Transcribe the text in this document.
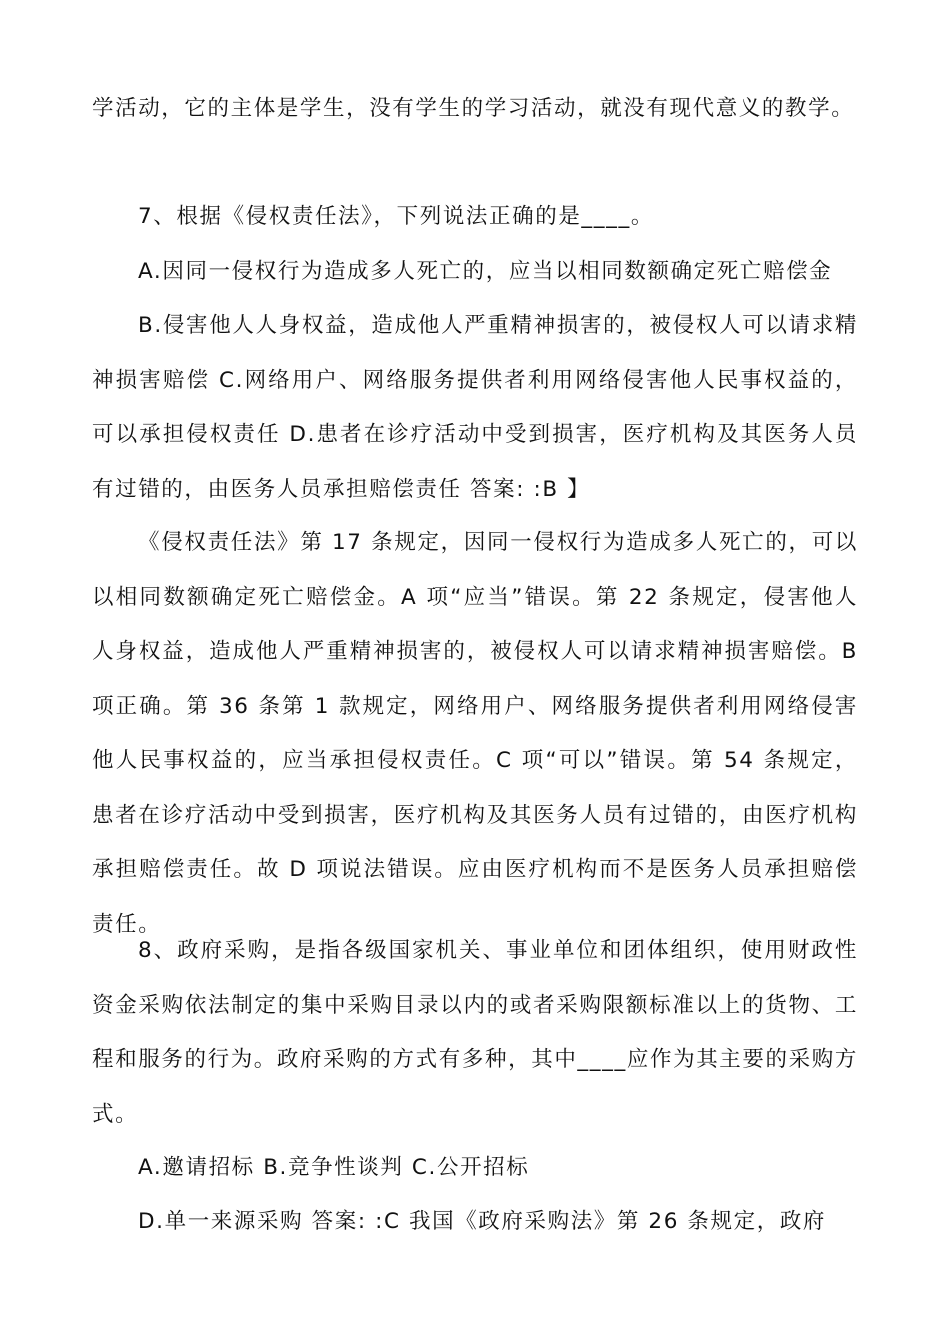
学活动，它的主体是学生，没有学生的学习活动，就没有现代意义的教学。

7、根据《侵权责任法》，下列说法正确的是____。

A.因同一侵权行为造成多人死亡的，应当以相同数额确定死亡赔偿金

B.侵害他人人身权益，造成他人严重精神损害的，被侵权人可以请求精神损害赔偿 C.网络用户、网络服务提供者利用网络侵害他人民事权益的，可以承担侵权责任 D.患者在诊疗活动中受到损害，医疗机构及其医务人员有过错的，由医务人员承担赔偿责任 答案: :B 】

《侵权责任法》第 17 条规定，因同一侵权行为造成多人死亡的，可以以相同数额确定死亡赔偿金。A 项“应当”错误。第 22 条规定，侵害他人人身权益，造成他人严重精神损害的，被侵权人可以请求精神损害赔偿。B 项正确。第 36 条第 1 款规定，网络用户、网络服务提供者利用网络侵害他人民事权益的，应当承担侵权责任。C 项“可以”错误。第 54 条规定，患者在诊疗活动中受到损害，医疗机构及其医务人员有过错的，由医疗机构承担赔偿责任。故 D 项说法错误。应由医疗机构而不是医务人员承担赔偿责任。

8、政府采购，是指各级国家机关、事业单位和团体组织，使用财政性资金采购依法制定的集中采购目录以内的或者采购限额标准以上的货物、工程和服务的行为。政府采购的方式有多种，其中____应作为其主要的采购方式。

A.邀请招标 B.竞争性谈判 C.公开招标

D.单一来源采购 答案: :C 我国《政府采购法》第 26 条规定，政府
